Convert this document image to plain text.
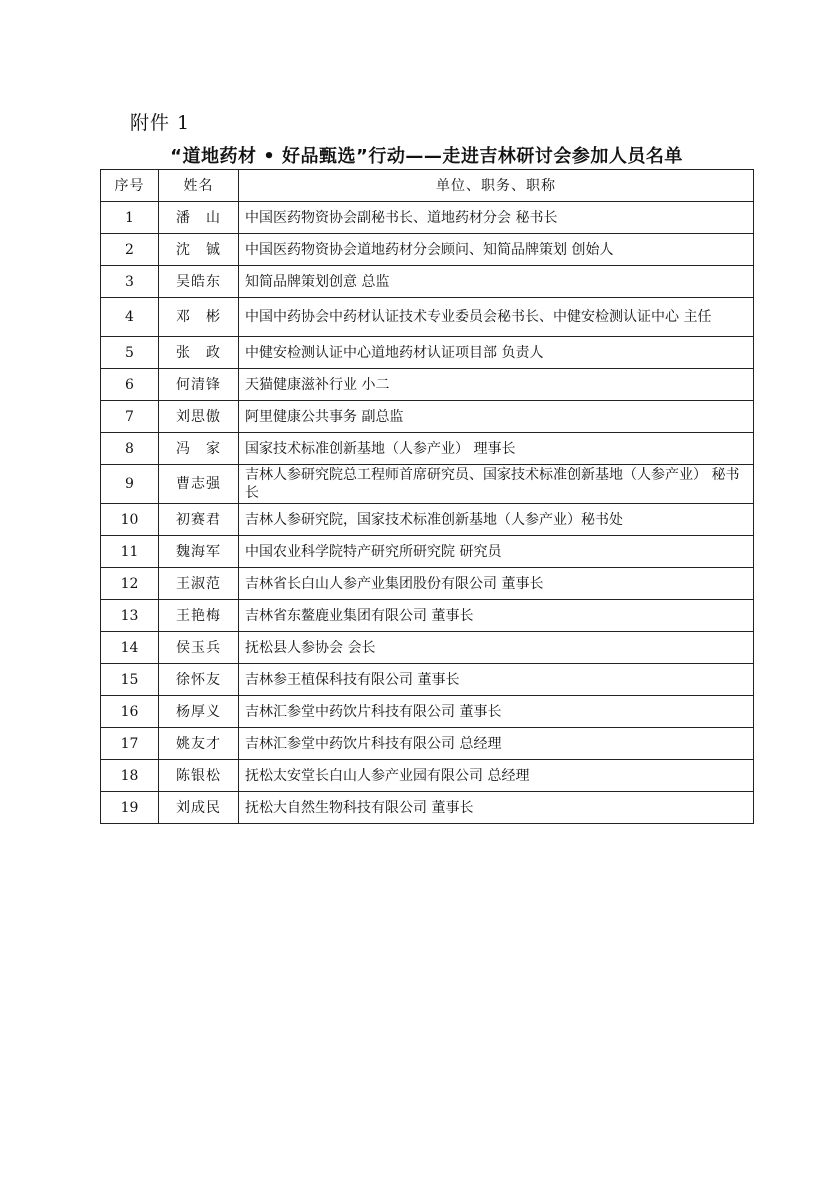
附件 1
“道地药材 • 好品甄选”行动——走进吉林研讨会参加人员名单
序号	姓名	单位、职务、职称
1	潘　山	中国医药物资协会副秘书长、道地药材分会 秘书长
2	沈　铖	中国医药物资协会道地药材分会顾问、知简品牌策划 创始人
3	吴皓东	知简品牌策划创意 总监
4	邓　彬	中国中药协会中药材认证技术专业委员会秘书长、中健安检测认证中心 主任
5	张　政	中健安检测认证中心道地药材认证项目部 负责人
6	何清锋	天猫健康滋补行业 小二
7	刘思傲	阿里健康公共事务 副总监
8	冯　家	国家技术标准创新基地（人参产业） 理事长
9	曹志强	吉林人参研究院总工程师首席研究员、国家技术标准创新基地（人参产业） 秘书长
10	初赛君	吉林人参研究院，国家技术标准创新基地（人参产业）秘书处
11	魏海军	中国农业科学院特产研究所研究院 研究员
12	王淑范	吉林省长白山人参产业集团股份有限公司 董事长
13	王艳梅	吉林省东鳌鹿业集团有限公司 董事长
14	侯玉兵	抚松县人参协会 会长
15	徐怀友	吉林参王植保科技有限公司 董事长
16	杨厚义	吉林汇参堂中药饮片科技有限公司 董事长
17	姚友才	吉林汇参堂中药饮片科技有限公司 总经理
18	陈银松	抚松太安堂长白山人参产业园有限公司 总经理
19	刘成民	抚松大自然生物科技有限公司 董事长
